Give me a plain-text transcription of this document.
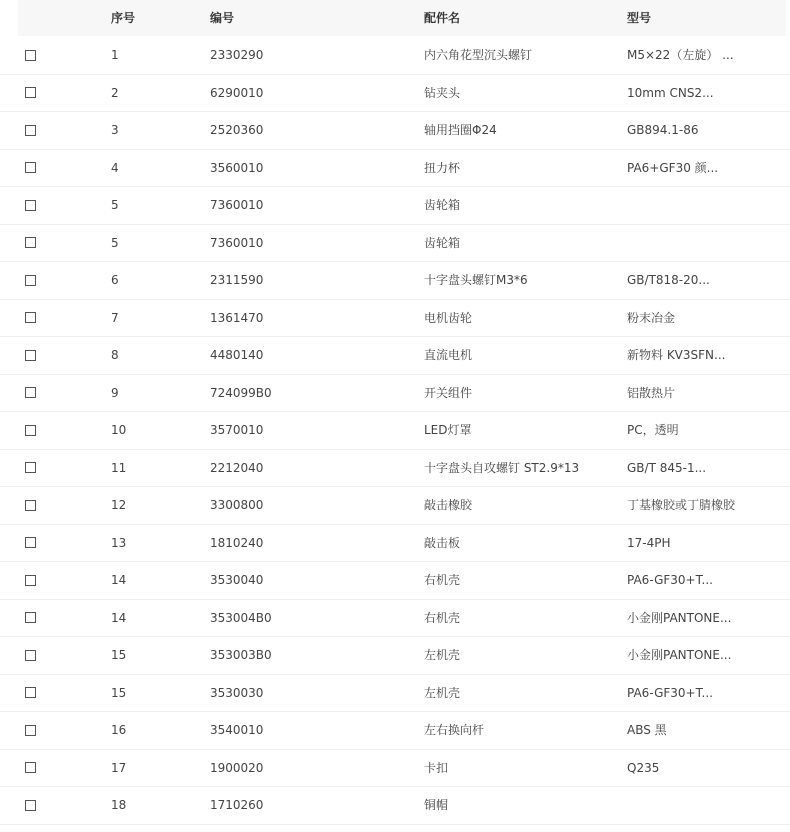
序号	编号	配件名	型号
1	2330290	内六角花型沉头螺钉	M5×22（左旋） ...
2	6290010	钻夹头	10mm CNS2...
3	2520360	轴用挡圈Φ24	GB894.1-86
4	3560010	扭力杯	PA6+GF30 颜...
5	7360010	齿轮箱
5	7360010	齿轮箱
6	2311590	十字盘头螺钉M3*6	GB/T818-20...
7	1361470	电机齿轮	粉末冶金
8	4480140	直流电机	新物料 KV3SFN...
9	724099B0	开关组件	铝散热片
10	3570010	LED灯罩	PC，透明
11	2212040	十字盘头自攻螺钉 ST2.9*13	GB/T 845-1...
12	3300800	敲击橡胶	丁基橡胶或丁腈橡胶
13	1810240	敲击板	17-4PH
14	3530040	右机壳	PA6-GF30+T...
14	353004B0	右机壳	小金刚PANTONE...
15	353003B0	左机壳	小金刚PANTONE...
15	3530030	左机壳	PA6-GF30+T...
16	3540010	左右换向杆	ABS 黑
17	1900020	卡扣	Q235
18	1710260	铜帽
